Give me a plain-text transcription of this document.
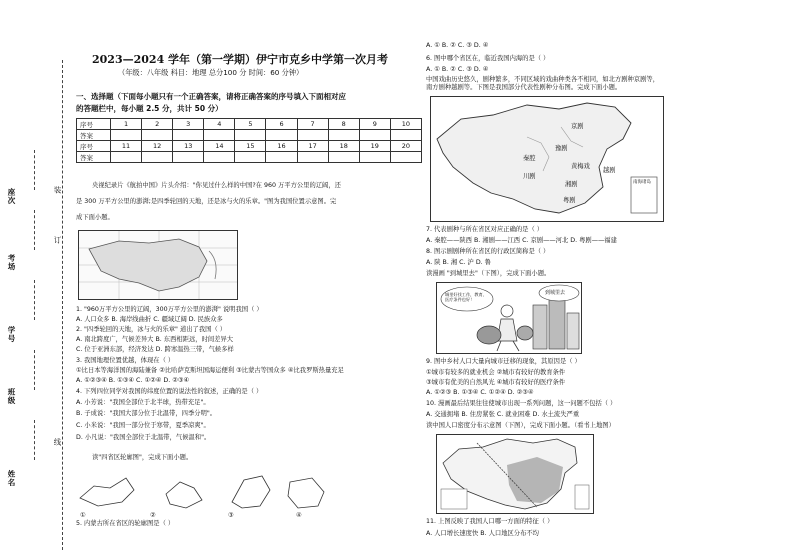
姓名
班级
学号
考场
座次	装
订
线
2023—2024 学年（第一学期）伊宁市克乡中学第一次月考
（年级：八年级 科目：地理 总分100 分 时间：60 分钟）
一、选择题（下面每小题只有一个正确答案，请将正确答案的序号填入下面相对应
的答题栏中，每小题 2.5 分，共计 50 分）
序号	1	2	3	4	5	6	7	8	9	10
答案										
序号	11	12	13	14	15	16	17	18	19	20
答案										
央视纪录片《航拍中国》片头介绍："你见过什么样的中国?在 960 万平方公里的辽阔，还
是 300 万平方公里的澎湃;是四季轮回的天地，还是冰与火的乐章。"图为我国位置示意图。完
成下面小题。
1. "960万平方公里的辽阔，300万平方公里的澎湃" 说明我国（ ）
A. 人口众多 B. 海岸线曲折 C. 疆域辽阔 D. 民族众多
2. "四季轮回的天地，冰与火的乐章" 道出了我国（ ）
A. 南北跨度广，气候差异大 B. 东西相距远，时间差异大
C. 位于亚洲东部，经济发达 D. 跨寒温热三带，气候多样
3. 我国地理位置优越，体现在（ ）
①比日本等海洋国的海陆兼备 ②比哈萨克斯坦国海运便利 ③比蒙古等国众多 ④比我罗斯热量充足
A. ①②③④ B. ①③④ C. ①②④ D. ②③④
4. 下列四位同学对我国的纬度位置的说法性的叙述，正确的是（ ）
A. 小芳说："我国全部位于北半球，热带充足"。
B. 子成说："我国大部分位于北温带，四季分明"。
C. 小米说："我国一部分位于寒带，夏季凉爽"。
D. 小凡说："我国全部位于北温带，气候温和"。
读"四省区轮廓图"，完成下面小题。
①	②	③	④
5. 内蒙古所在省区的轮廓图是（ ）
A. ① B. ② C. ③ D. ④
6. 图中哪个省区在，临近我国内海的是（ ）
A. ① B. ② C. ③ D. ④
中国戏曲历史悠久，剧种繁多，不同区域的戏曲种类各不相同，如北方剧种京剧等，
南方剧种越剧等。下图是我国部分代表性剧种分布图。完成下面小题。
京剧
豫剧
秦腔
川剧
黄梅戏
湘剧
越剧
粤剧
南海诸岛
7. 代表剧种与所在省区对应正确的是（ ）
A. 秦腔——陕西 B. 湘剧——江西 C. 京剧——河北 D. 粤剧——福建
8. 图示剧剧种所在省区的行政区简称是（ ）
A. 陕 B. 湘 C. 沪 D. 鲁
读漫画 "到城里去"（下图），完成下面小题。
城里好找工作，教育、医疗条件也好！
到城里去
9. 图中乡村人口大量向城市迁移的现象，其原因是（ ）
①城市有较多的就业机会 ②城市有较好的教育条件
③城市有优美的自然风光 ④城市有较好的医疗条件
A. ①②③ B. ①③④ C. ①②④ D. ②③④
10. 漫画最后结果往往使城市出现一系列问题，这一问题不包括（ ）
A. 交通拥堵 B. 住房紧张 C. 就业困难 D. 水土流失严重
读中国人口密度分布示意图（下图），完成下面小题。（看书上地图）
11. 上图反映了我国人口哪一方面的特征（ ）
A. 人口增长速度快 B. 人口地区分布不均
